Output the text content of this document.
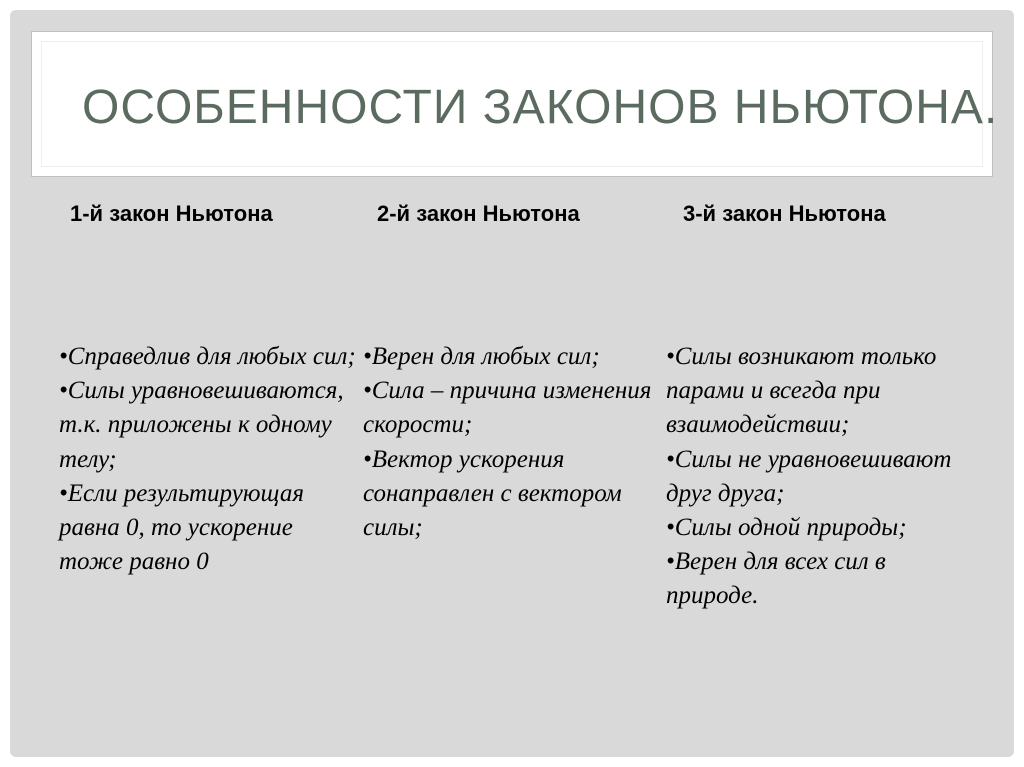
ОСОБЕННОСТИ ЗАКОНОВ НЬЮТОНА.
1-й закон Ньютона	2-й закон Ньютона	3-й закон Ньютона
•Справедлив для любых сил;
•Силы уравновешиваются, т.к. приложены к одному телу;
•Если результирующая равна 0, то ускорение тоже равно 0
•Верен для любых сил;
•Сила – причина изменения скорости;
•Вектор ускорения сонаправлен с вектором силы;
•Силы возникают только парами и всегда при взаимодействии;
•Силы не уравновешивают друг друга;
•Силы одной природы;
•Верен для всех сил в природе.
